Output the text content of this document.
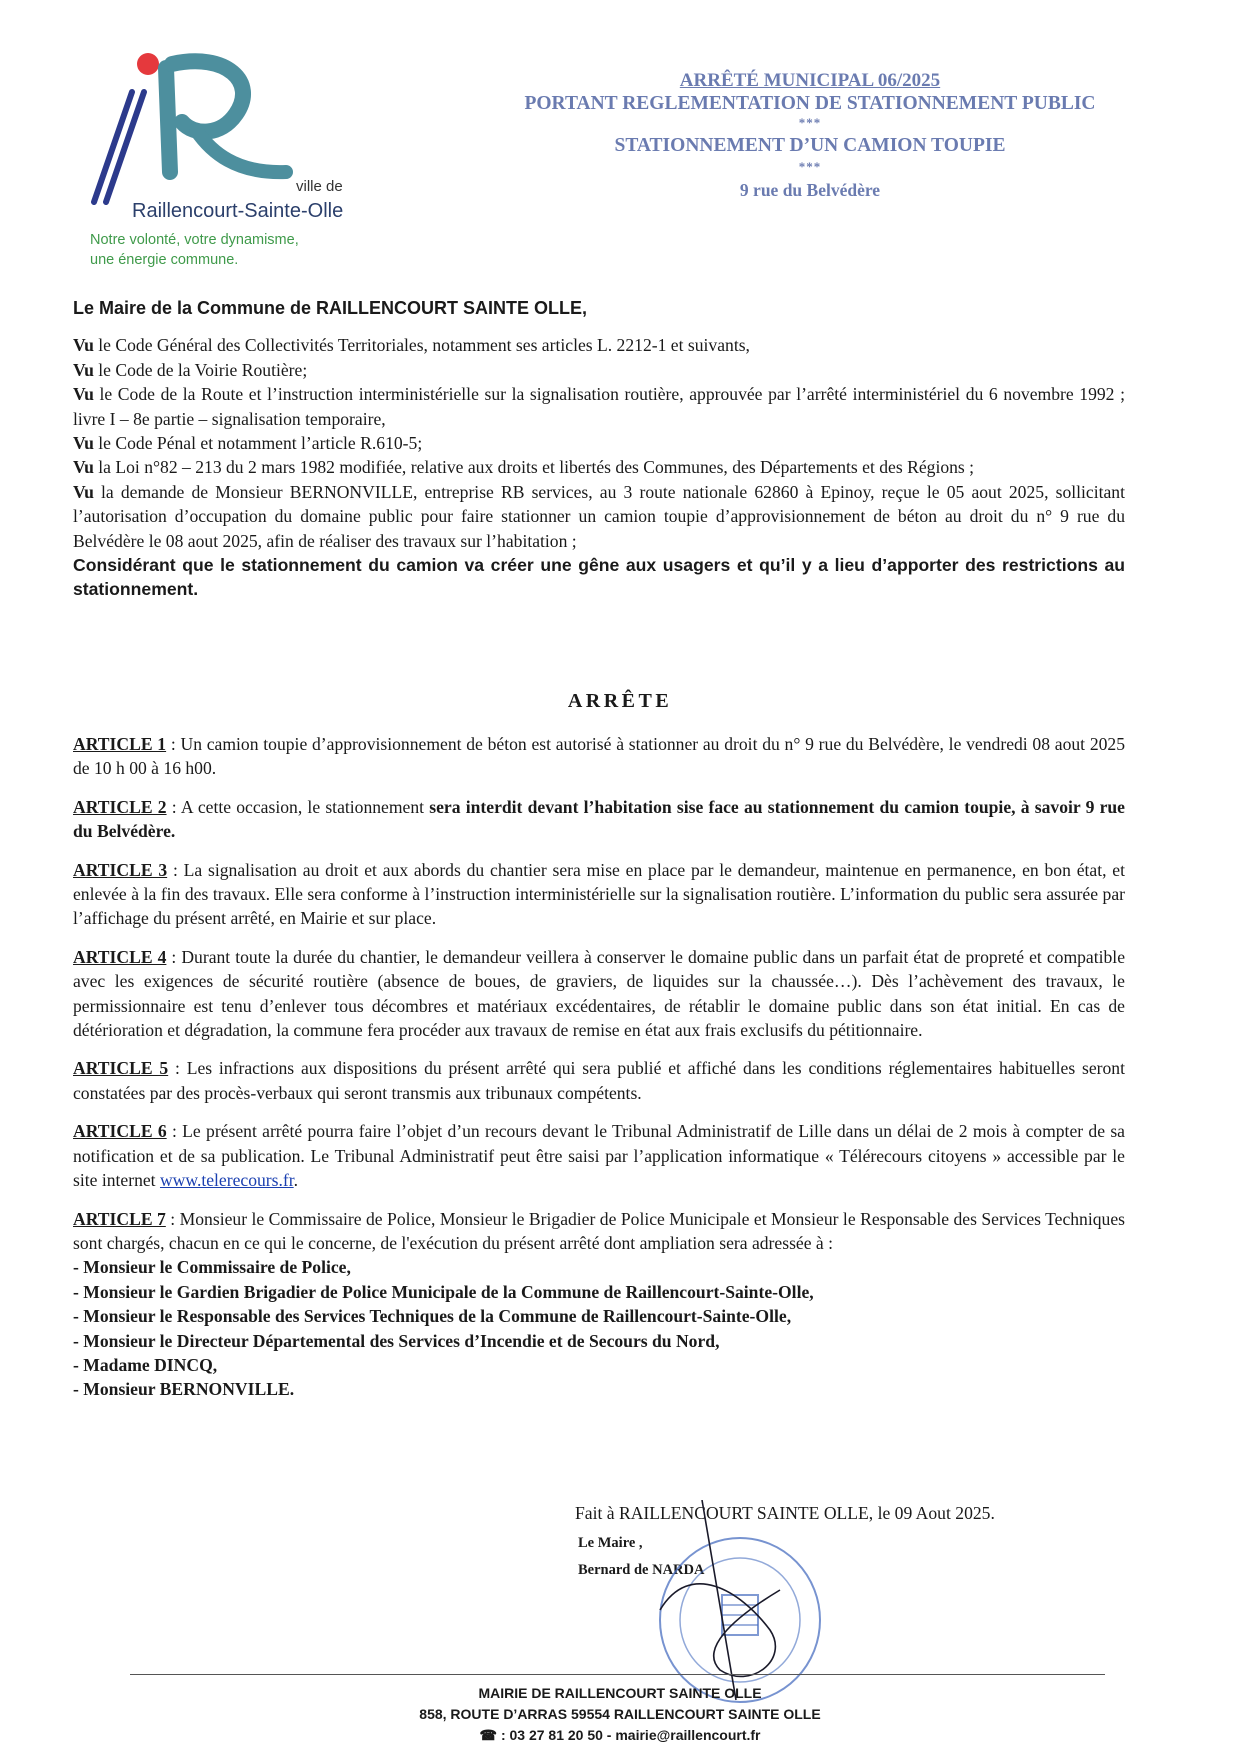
ville de
Raillencourt-Sainte-Olle
Notre volonté, votre dynamisme,
une énergie commune.
ARRÊTÉ MUNICIPAL 06/2025
PORTANT REGLEMENTATION DE STATIONNEMENT PUBLIC
***
STATIONNEMENT D’UN CAMION TOUPIE
***
9 rue du Belvédère

Le Maire de la Commune de RAILLENCOURT SAINTE OLLE,

Vu le Code Général des Collectivités Territoriales, notamment ses articles L. 2212-1 et suivants,

Vu le Code de la Voirie Routière;

Vu le Code de la Route et l’instruction interministérielle sur la signalisation routière, approuvée par l’arrêté interministériel du 6 novembre 1992 ; livre I – 8e partie – signalisation temporaire,

Vu le Code Pénal et notamment l’article R.610-5;

Vu la Loi n°82 – 213 du 2 mars 1982 modifiée, relative aux droits et libertés des Communes, des Départements et des Régions ;

Vu la demande de Monsieur BERNONVILLE, entreprise RB services, au 3 route nationale 62860 à Epinoy, reçue le 05 aout 2025, sollicitant l’autorisation d’occupation du domaine public pour faire stationner un camion toupie d’approvisionnement de béton au droit du n° 9 rue du Belvédère le 08 aout 2025, afin de réaliser des travaux sur l’habitation ;

Considérant que le stationnement du camion va créer une gêne aux usagers et qu’il y a lieu d’apporter des restrictions au stationnement.

ARRÊTE

ARTICLE 1 : Un camion toupie d’approvisionnement de béton est autorisé à stationner au droit du n° 9 rue du Belvédère, le vendredi 08 aout 2025 de 10 h 00 à 16 h00.

ARTICLE 2 : A cette occasion, le stationnement sera interdit devant l’habitation sise face au stationnement du camion toupie, à savoir 9 rue du Belvédère.

ARTICLE 3 : La signalisation au droit et aux abords du chantier sera mise en place par le demandeur, maintenue en permanence, en bon état, et enlevée à la fin des travaux. Elle sera conforme à l’instruction interministérielle sur la signalisation routière. L’information du public sera assurée par l’affichage du présent arrêté, en Mairie et sur place.

ARTICLE 4 : Durant toute la durée du chantier, le demandeur veillera à conserver le domaine public dans un parfait état de propreté et compatible avec les exigences de sécurité routière (absence de boues, de graviers, de liquides sur la chaussée…). Dès l’achèvement des travaux, le permissionnaire est tenu d’enlever tous décombres et matériaux excédentaires, de rétablir le domaine public dans son état initial. En cas de détérioration et dégradation, la commune fera procéder aux travaux de remise en état aux frais exclusifs du pétitionnaire.

ARTICLE 5 : Les infractions aux dispositions du présent arrêté qui sera publié et affiché dans les conditions réglementaires habituelles seront constatées par des procès-verbaux qui seront transmis aux tribunaux compétents.

ARTICLE 6 : Le présent arrêté pourra faire l’objet d’un recours devant le Tribunal Administratif de Lille dans un délai de 2 mois à compter de sa notification et de sa publication. Le Tribunal Administratif peut être saisi par l’application informatique « Télérecours citoyens » accessible par le site internet www.telerecours.fr.

ARTICLE 7 : Monsieur le Commissaire de Police, Monsieur le Brigadier de Police Municipale et Monsieur le Responsable des Services Techniques sont chargés, chacun en ce qui le concerne, de l'exécution du présent arrêté dont ampliation sera adressée à :

- Monsieur le Commissaire de Police,

- Monsieur le Gardien Brigadier de Police Municipale de la Commune de Raillencourt-Sainte-Olle,

- Monsieur le Responsable des Services Techniques de la Commune de Raillencourt-Sainte-Olle,

- Monsieur le Directeur Départemental des Services d’Incendie et de Secours du Nord,

- Madame DINCQ,

- Monsieur BERNONVILLE.

Fait à RAILLENCOURT SAINTE OLLE, le 09 Aout 2025.
Le Maire ,
Bernard de NARDA
MAIRIE DE RAILLENCOURT SAINTE OLLE
858, ROUTE D’ARRAS 59554 RAILLENCOURT SAINTE OLLE
☎ : 03 27 81 20 50 - mairie@raillencourt.fr
